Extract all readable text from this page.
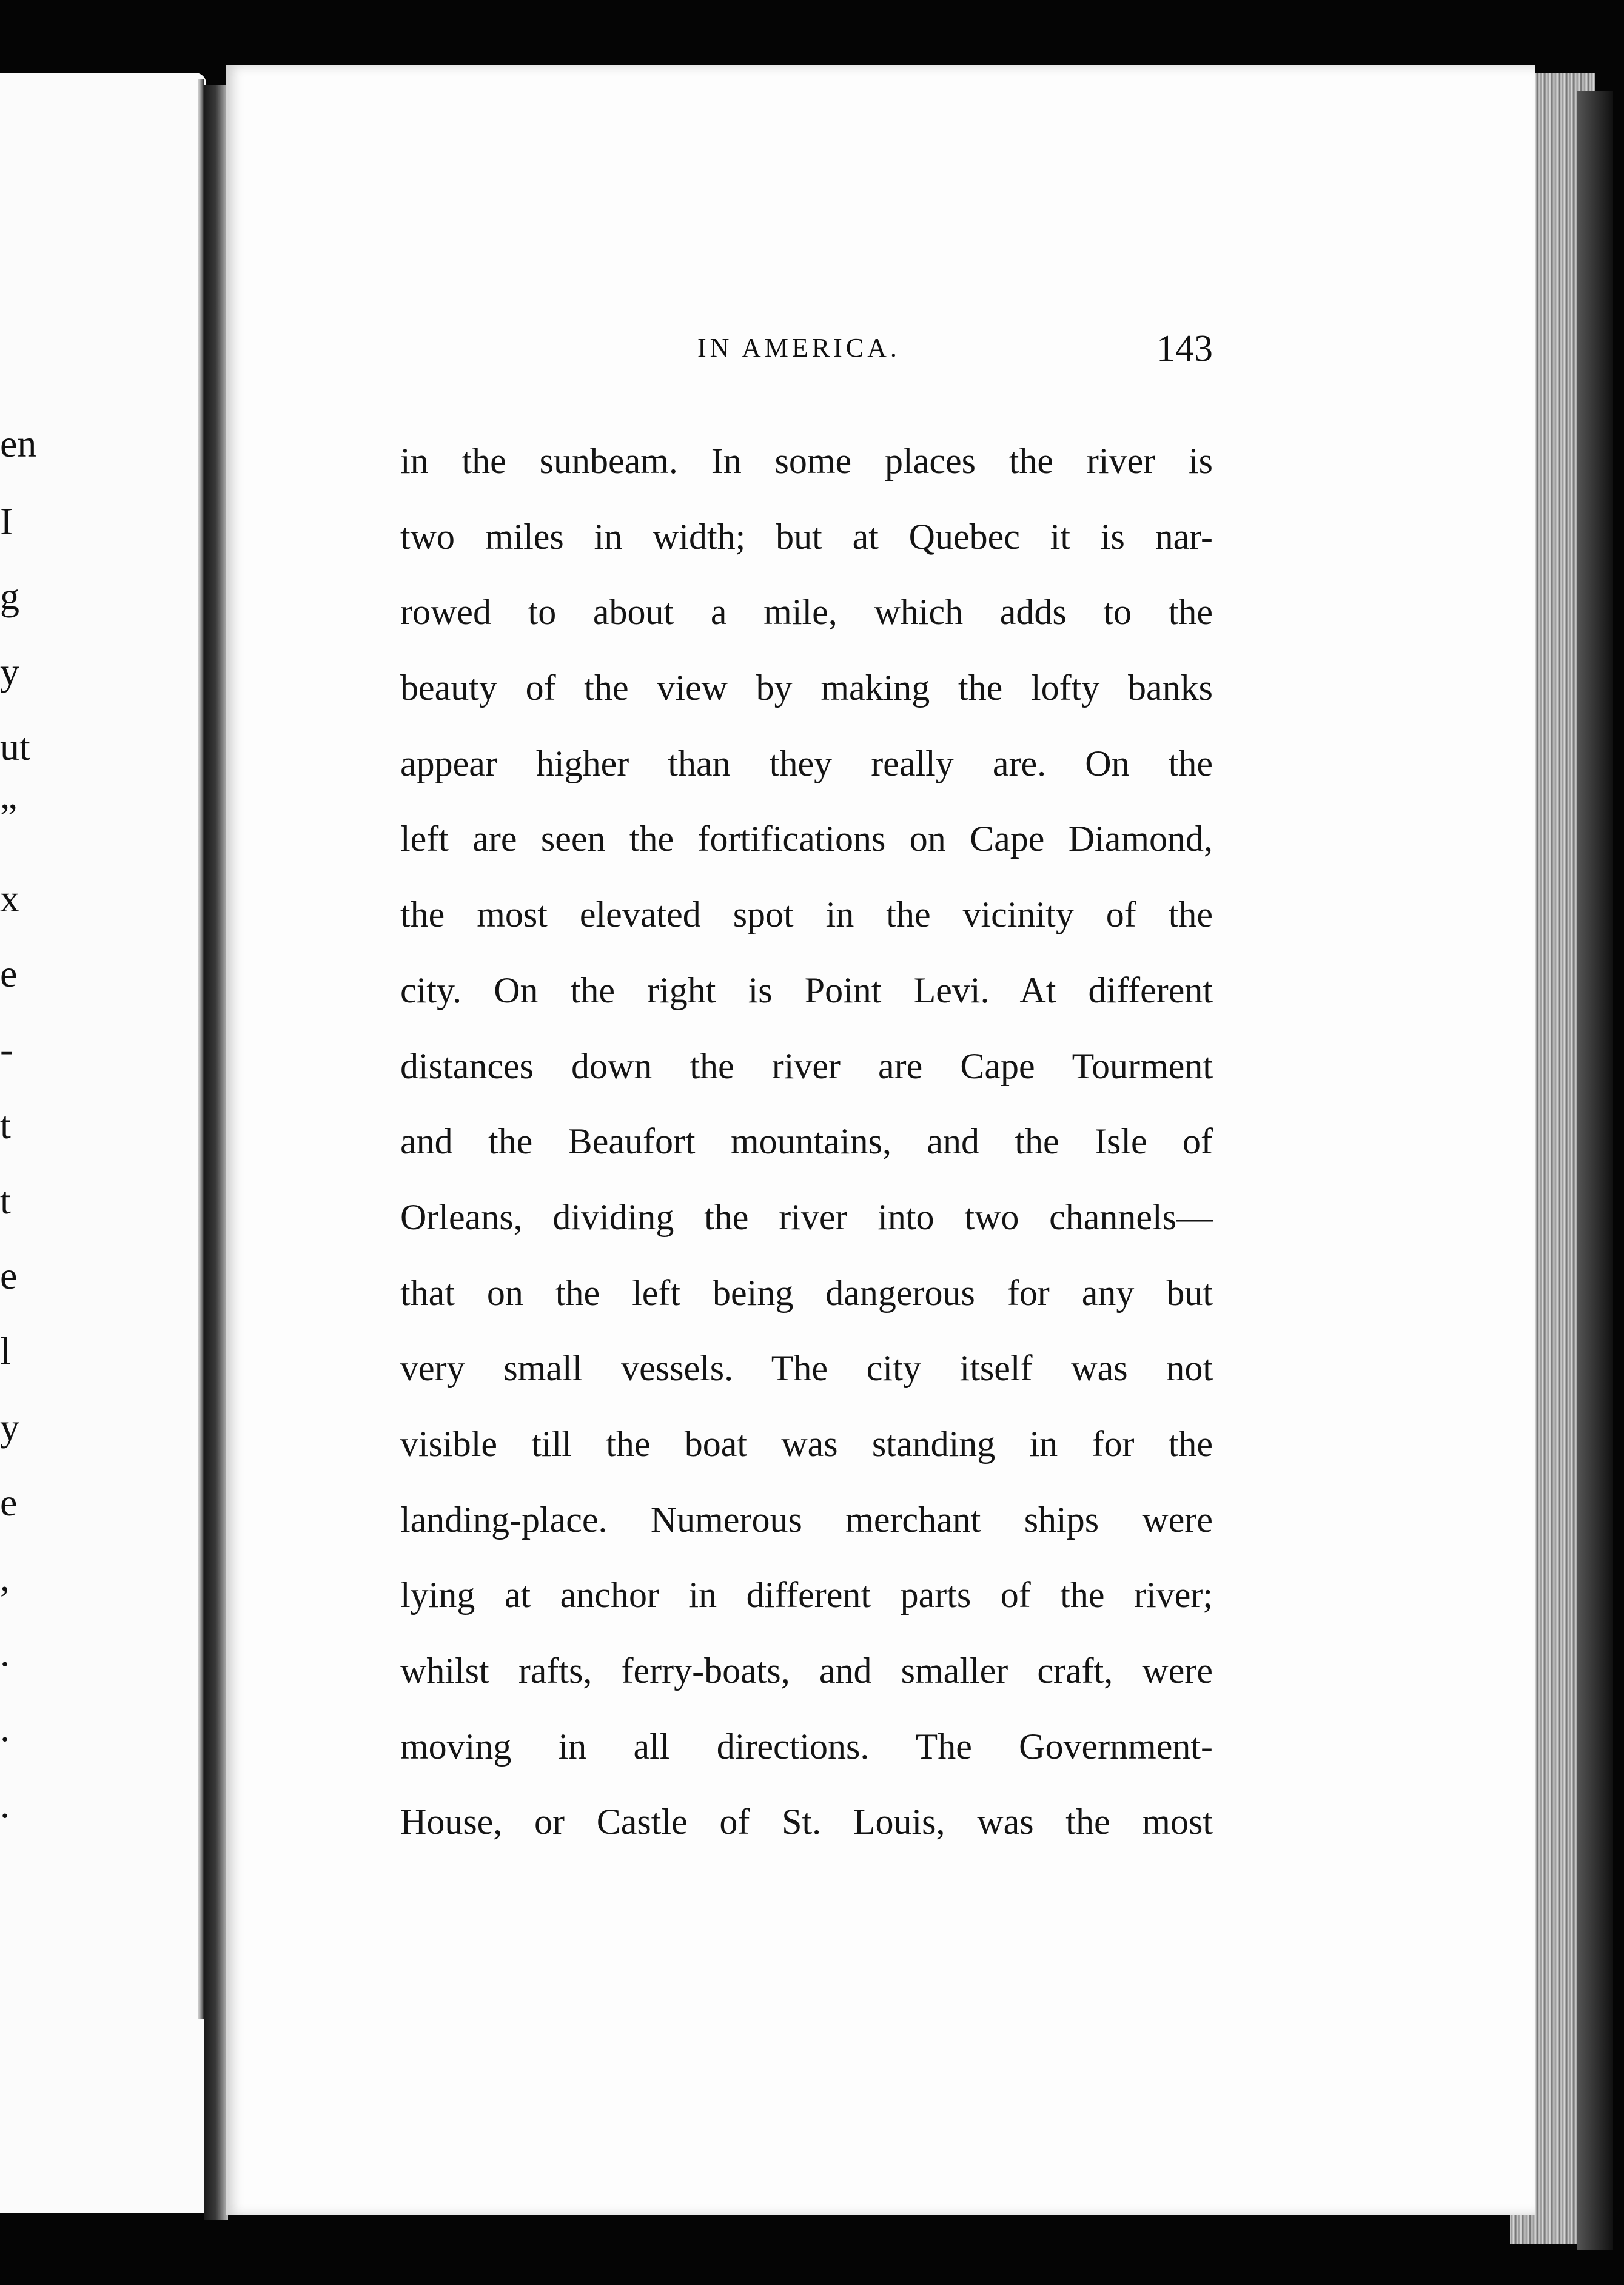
en
I
g
y
ut
”
x
e
-
t
t
e
l
y
e
,
.
.
.
IN AMERICA.	143
in the sunbeam. In some places the river is
two miles in width; but at Quebec it is nar-
rowed to about a mile, which adds to the
beauty of the view by making the lofty banks
appear higher than they really are. On the
left are seen the fortifications on Cape Diamond,
the most elevated spot in the vicinity of the
city. On the right is Point Levi. At different
distances down the river are Cape Tourment
and the Beaufort mountains, and the Isle of
Orleans, dividing the river into two channels—
that on the left being dangerous for any but
very small vessels. The city itself was not
visible till the boat was standing in for the
landing-place. Numerous merchant ships were
lying at anchor in different parts of the river;
whilst rafts, ferry-boats, and smaller craft, were
moving in all directions. The Government-
House, or Castle of St. Louis, was the most
